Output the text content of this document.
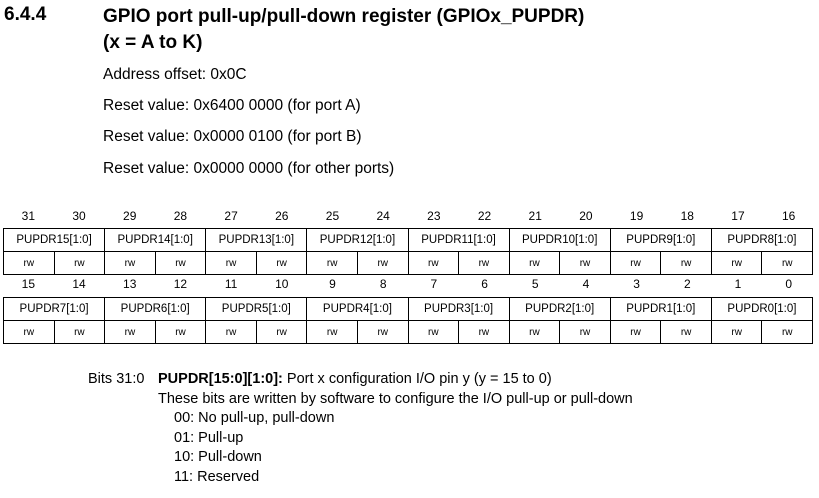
6.4.4	GPIO port pull-up/pull-down register (GPIOx_PUPDR)
(x = A to K)
Address offset: 0x0C
Reset value: 0x6400 0000 (for port A)
Reset value: 0x0000 0100 (for port B)
Reset value: 0x0000 0000 (for other ports)
31	30	29	28	27	26	25	24	23	22	21	20	19	18	17	16
PUPDR15[1:0]		PUPDR14[1:0]		PUPDR13[1:0]		PUPDR12[1:0]		PUPDR11[1:0]		PUPDR10[1:0]		PUPDR9[1:0]		PUPDR8[1:0]	
rw	rw	rw	rw	rw	rw	rw	rw	rw	rw	rw	rw	rw	rw	rw	rw
15	14	13	12	11	10	9	8	7	6	5	4	3	2	1	0
PUPDR7[1:0]		PUPDR6[1:0]		PUPDR5[1:0]		PUPDR4[1:0]		PUPDR3[1:0]		PUPDR2[1:0]		PUPDR1[1:0]		PUPDR0[1:0]	
rw	rw	rw	rw	rw	rw	rw	rw	rw	rw	rw	rw	rw	rw	rw	rw
Bits 31:0 PUPDR[15:0][1:0]: Port x configuration I/O pin y (y = 15 to 0)
These bits are written by software to configure the I/O pull-up or pull-down
00: No pull-up, pull-down
01: Pull-up
10: Pull-down
11: Reserved
